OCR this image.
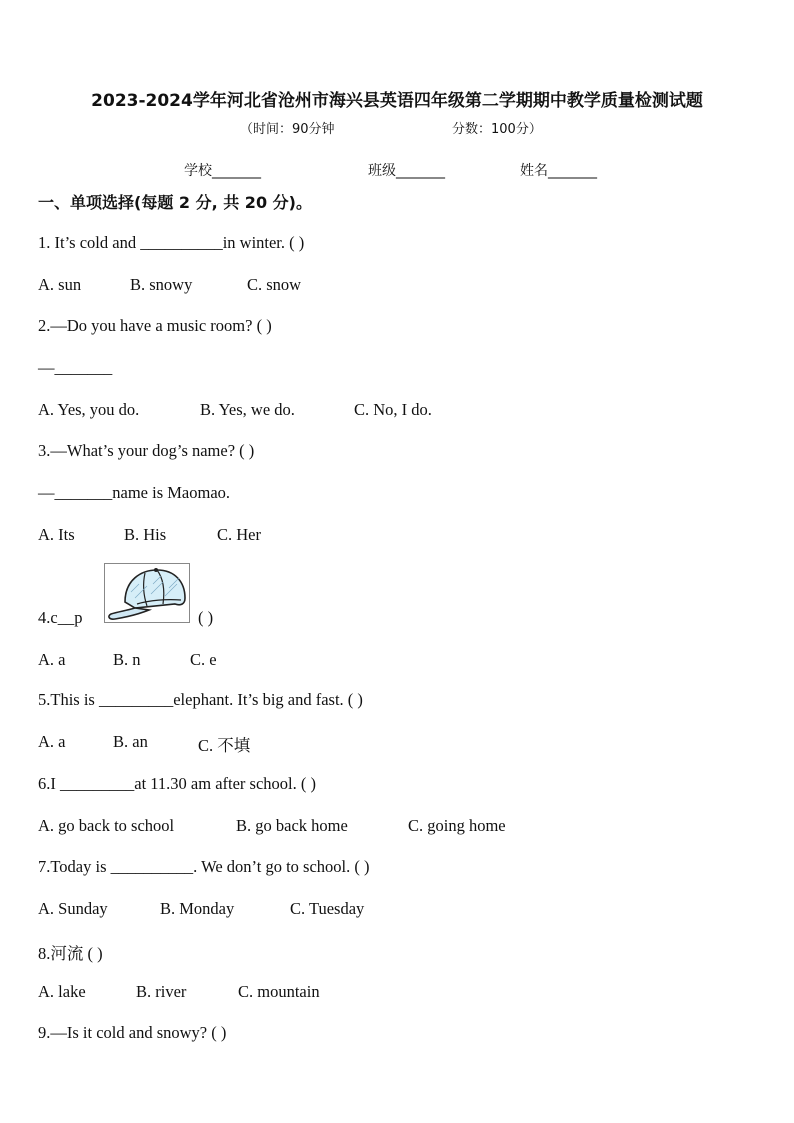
2023-2024学年河北省沧州市海兴县英语四年级第二学期期中教学质量检测试题
（时间：90分钟	分数：100分）
学校_______	班级_______	姓名_______
一、单项选择(每题 2 分, 共 20 分)。
1. It’s cold and __________in winter. ( )
A. sun	B. snowy	C. snow
2.—Do you have a music room? ( )
—_______
A. Yes, you do.	B. Yes, we do.	C. No, I do.
3.—What’s your dog’s name? ( )
—_______name is Maomao.
A. Its	B. His	C. Her
4.c__p	( )
A. a	B. n	C. e
5.This is _________elephant. It’s big and fast. ( )
A. a	B. an	C. 不填
6.I _________at 11.30 am after school. ( )
A. go back to school	B. go back home	C. going home
7.Today is __________. We don’t go to school. ( )
A. Sunday	B. Monday	C. Tuesday
8.河流 ( )
A. lake	B. river	C. mountain
9.—Is it cold and snowy? ( )
